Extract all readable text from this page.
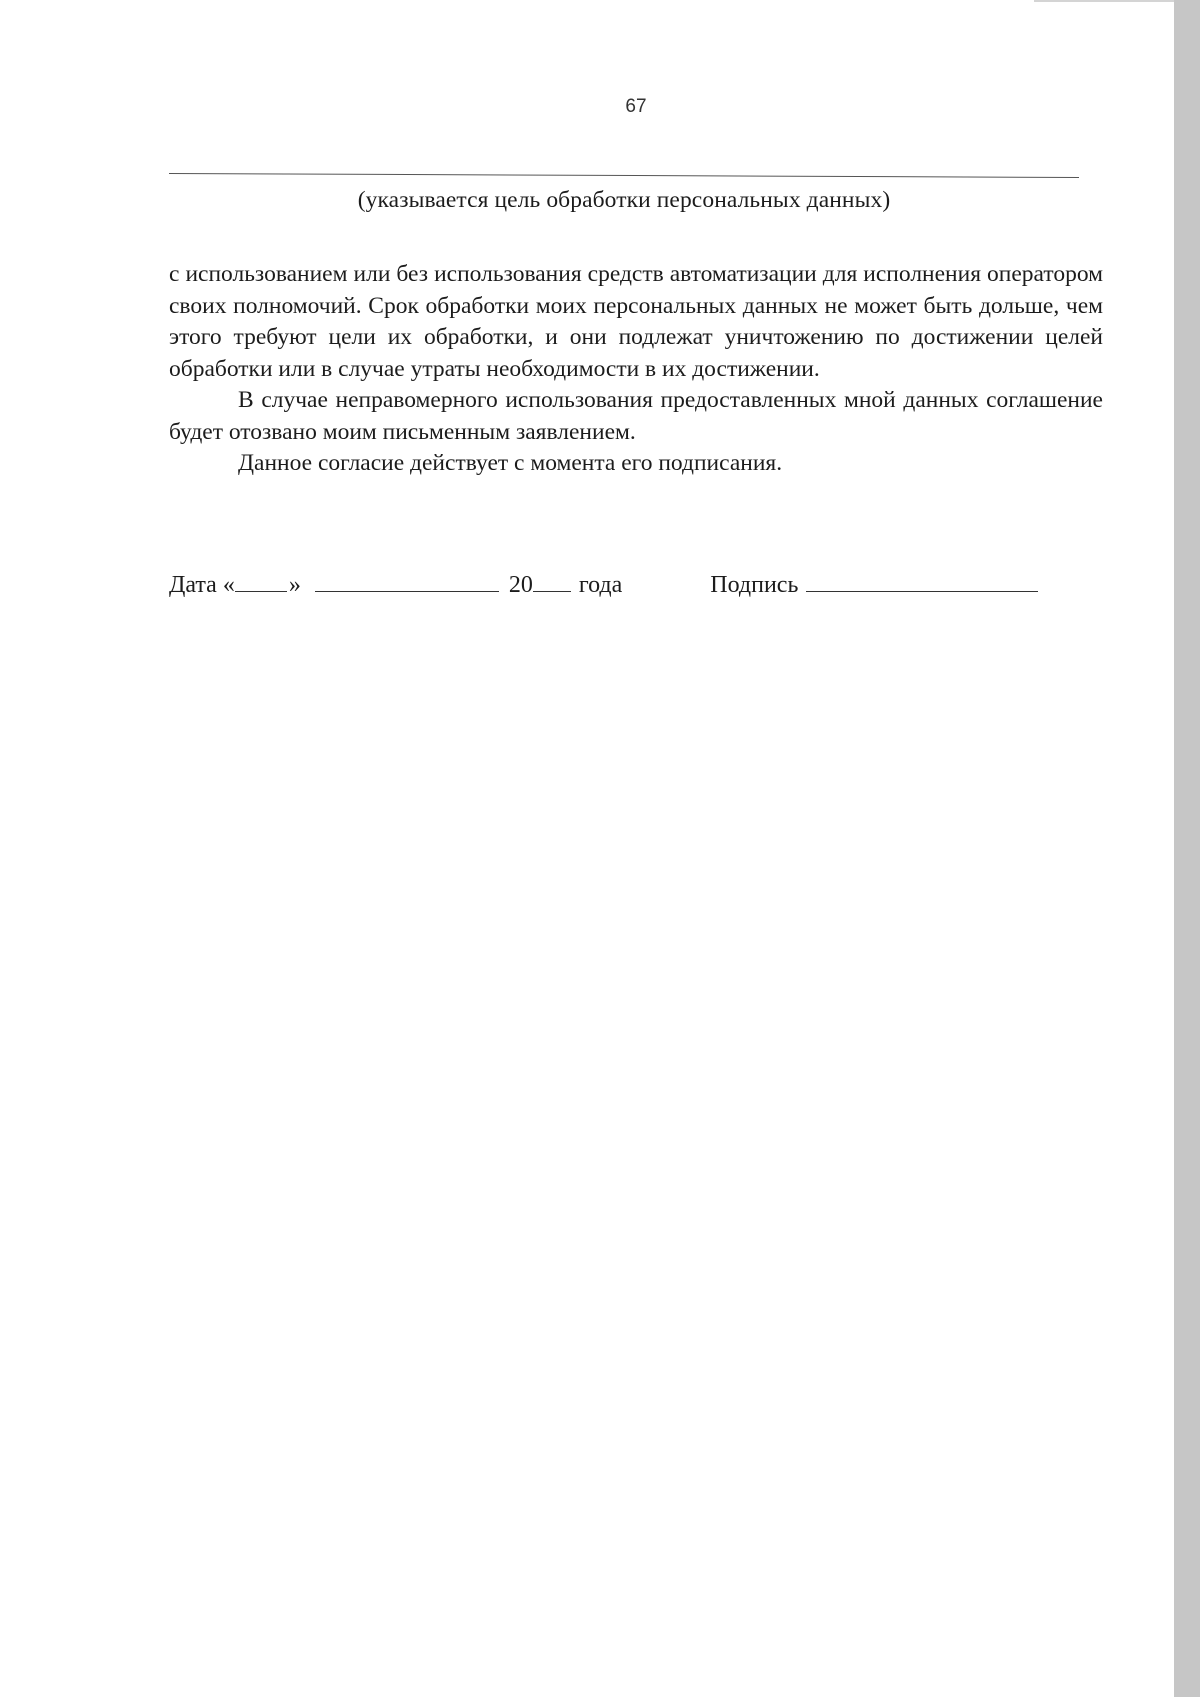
67
(указывается цель обработки персональных данных)

с использованием или без использования средств автоматизации для исполнения оператором своих полномочий. Срок обработки моих персональных данных не может быть дольше, чем этого требуют цели их обработки, и они подлежат уничтожению по достижении целей обработки или в случае утраты необходимости в их достижении.

В случае неправомерного использования предоставленных мной данных соглашение будет отозвано моим письменным заявлением.

Данное согласие действует с момента его подписания.

Дата « »	20 года	Подпись
